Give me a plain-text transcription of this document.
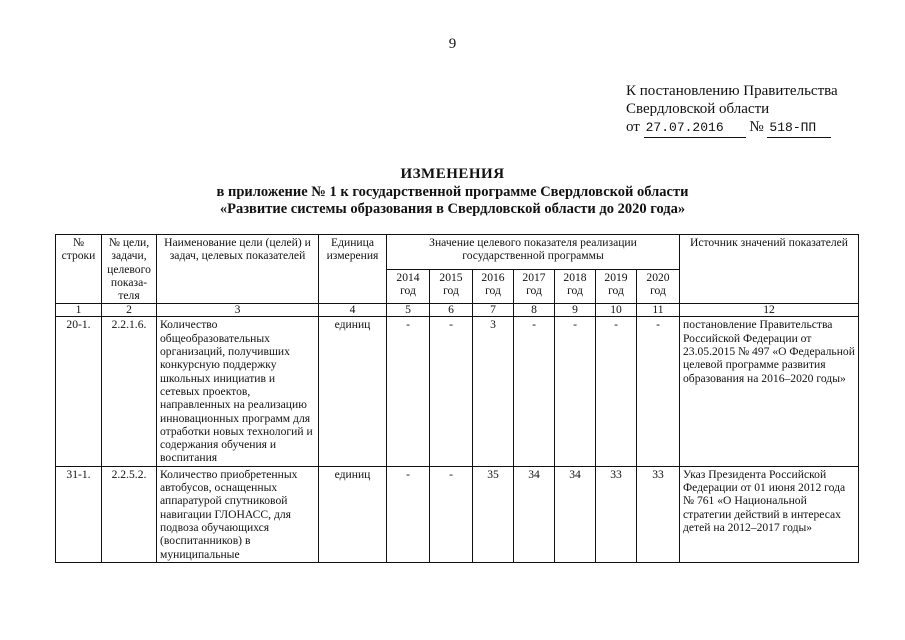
9
К постановлению Правительства
Свердловской области
от 27.07.2016 № 518-ПП
ИЗМЕНЕНИЯ
в приложение № 1 к государственной программе Свердловской области
«Развитие системы образования в Свердловской области до 2020 года»
№ строки	№ цели, задачи, целевого показа-теля	Наименование цели (целей) и задач, целевых показателей	Единица измерения	Значение целевого показателя реализации государственной программы							Источник значений показателей
				2014 год	2015 год	2016 год	2017 год	2018 год	2019 год	2020 год	
1	2	3	4	5	6	7	8	9	10	11	12
20-1.	2.2.1.6.	Количество общеобразовательных организаций, получивших конкурсную поддержку школьных инициатив и сетевых проектов, направленных на реализацию инновационных программ для отработки новых технологий и содержания обучения и воспитания	единиц	-	-	3	-	-	-	-	постановление Правительства Российской Федерации от 23.05.2015 № 497 «О Федеральной целевой программе развития образования на 2016–2020 годы»
31-1.	2.2.5.2.	Количество приобретенных автобусов, оснащенных аппаратурой спутниковой навигации ГЛОНАСС, для подвоза обучающихся (воспитанников) в муниципальные	единиц	-	-	35	34	34	33	33	Указ Президента Российской Федерации от 01 июня 2012 года № 761 «О Национальной стратегии действий в интересах детей на 2012–2017 годы»
